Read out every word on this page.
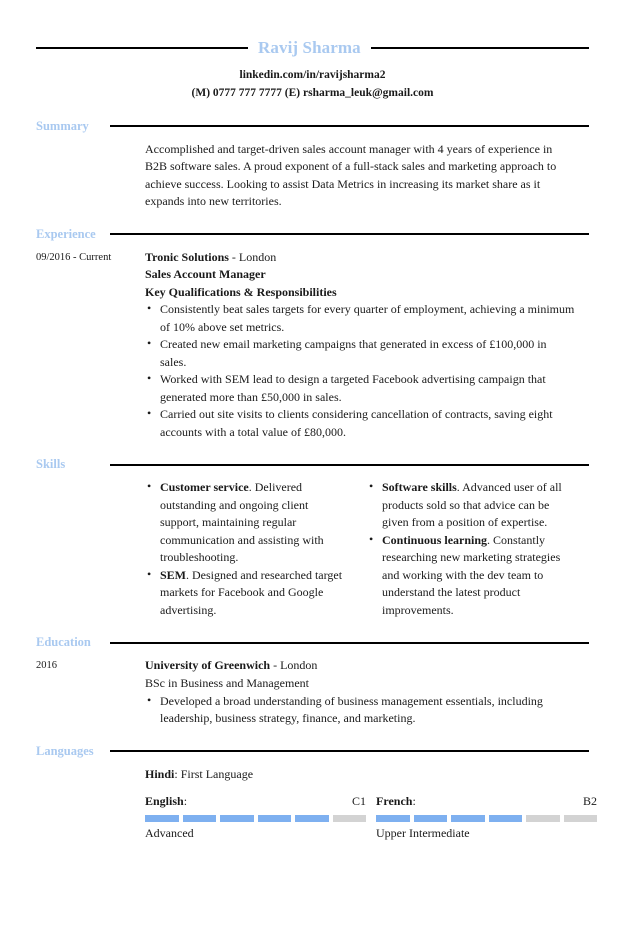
Ravij Sharma
linkedin.com/in/ravijsharma2
(M) 0777 777 7777 (E) rsharma_leuk@gmail.com
Summary
Accomplished and target-driven sales account manager with 4 years of experience in B2B software sales. A proud exponent of a full-stack sales and marketing approach to achieve success. Looking to assist Data Metrics in increasing its market share as it expands into new territories.
Experience
09/2016 - Current	Tronic Solutions - London
Sales Account Manager
Key Qualifications & Responsibilities
• Consistently beat sales targets for every quarter of employment, achieving a minimum of 10% above set metrics.
• Created new email marketing campaigns that generated in excess of £100,000 in sales.
• Worked with SEM lead to design a targeted Facebook advertising campaign that generated more than £50,000 in sales.
• Carried out site visits to clients considering cancellation of contracts, saving eight accounts with a total value of £80,000.
Skills
• Customer service. Delivered outstanding and ongoing client support, maintaining regular communication and assisting with troubleshooting.
• SEM. Designed and researched target markets for Facebook and Google advertising.
• Software skills. Advanced user of all products sold so that advice can be given from a position of expertise.
• Continuous learning. Constantly researching new marketing strategies and working with the dev team to understand the latest product improvements.
Education
2016	University of Greenwich - London
BSc in Business and Management
• Developed a broad understanding of business management essentials, including leadership, business strategy, finance, and marketing.
Languages
Hindi: First Language
English:	C1
Advanced
French:	B2
Upper Intermediate
